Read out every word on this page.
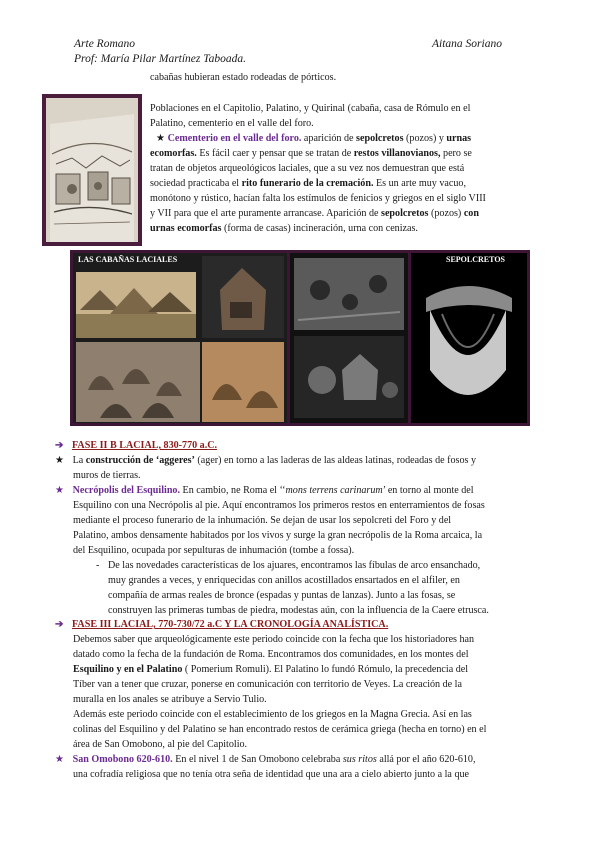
Arte Romano
Prof: María Pilar Martínez Taboada.
Aitana Soriano
cabañas hubieran estado rodeadas de pórticos.
Poblaciones en el Capitolio, Palatino, y Quirinal (cabaña, casa de Rómulo en el
Palatino, cementerio en el valle del foro.
★ Cementerio en el valle del foro. aparición de sepolcretos (pozos) y urnas
ecomorfas. Es fácil caer y pensar que se tratan de restos villanovianos, pero se
tratan de objetos arqueológicos laciales, que a su vez nos demuestran que está
sociedad practicaba el rito funerario de la cremación. Es un arte muy vacuo,
monótono y rústico, hacían falta los estímulos de fenicios y griegos en el siglo VIII
y VII para que el arte puramente arrancase. Aparición de sepolcretos (pozos) con
urnas ecomorfas (forma de casas) incineración, urna con cenizas.
LAS CABAÑAS LACIALES	SEPOLCRETOS
➔ FASE II B LACIAL, 830-770 a.C.
★ La construcción de ‘aggeres’ (ager) en torno a las laderas de las aldeas latinas, rodeadas de fosos y
muros de tierras.
★ Necrópolis del Esquilino. En cambio, ne Roma el ‘‘mons terrens carinarum’ en torno al monte del
Esquilino con una Necrópolis al pie. Aquí encontramos los primeros restos en enterramientos de fosas
mediante el proceso funerario de la inhumación. Se dejan de usar los sepolcreti del Foro y del
Palatino, ambos densamente habitados por los vivos y surge la gran necrópolis de la Roma arcaica, la
del Esquilino, ocupada por sepulturas de inhumación (tombe a fossa).
- De las novedades características de los ajuares, encontramos las fíbulas de arco ensanchado,
muy grandes a veces, y enriquecidas con anillos acostillados ensartados en el alfiler, en
compañía de armas reales de bronce (espadas y puntas de lanzas). Junto a las fosas, se
construyen las primeras tumbas de piedra, modestas aún, con la influencia de la Caere etrusca.
➔ FASE III LACIAL, 770-730/72 a.C Y LA CRONOLOGÍA ANALÍSTICA.
Debemos saber que arqueológicamente este periodo coincide con la fecha que los historiadores han
datado como la fecha de la fundación de Roma. Encontramos dos comunidades, en los montes del
Esquilino y en el Palatino ( Pomerium Romuli). El Palatino lo fundó Rómulo, la precedencia del
Tíber van a tener que cruzar, ponerse en comunicación con territorio de Veyes. La creación de la
muralla en los anales se atribuye a Servio Tulio.
Además este periodo coincide con el establecimiento de los griegos en la Magna Grecia. Así en las
colinas del Esquilino y del Palatino se han encontrado restos de cerámica griega (hecha en torno) en el
área de San Omobono, al pie del Capitolio.
★ San Omobono 620-610. En el nivel 1 de San Omobono celebraba sus ritos allá por el año 620-610,
una cofradía religiosa que no tenía otra seña de identidad que una ara a cielo abierto junto a la que
